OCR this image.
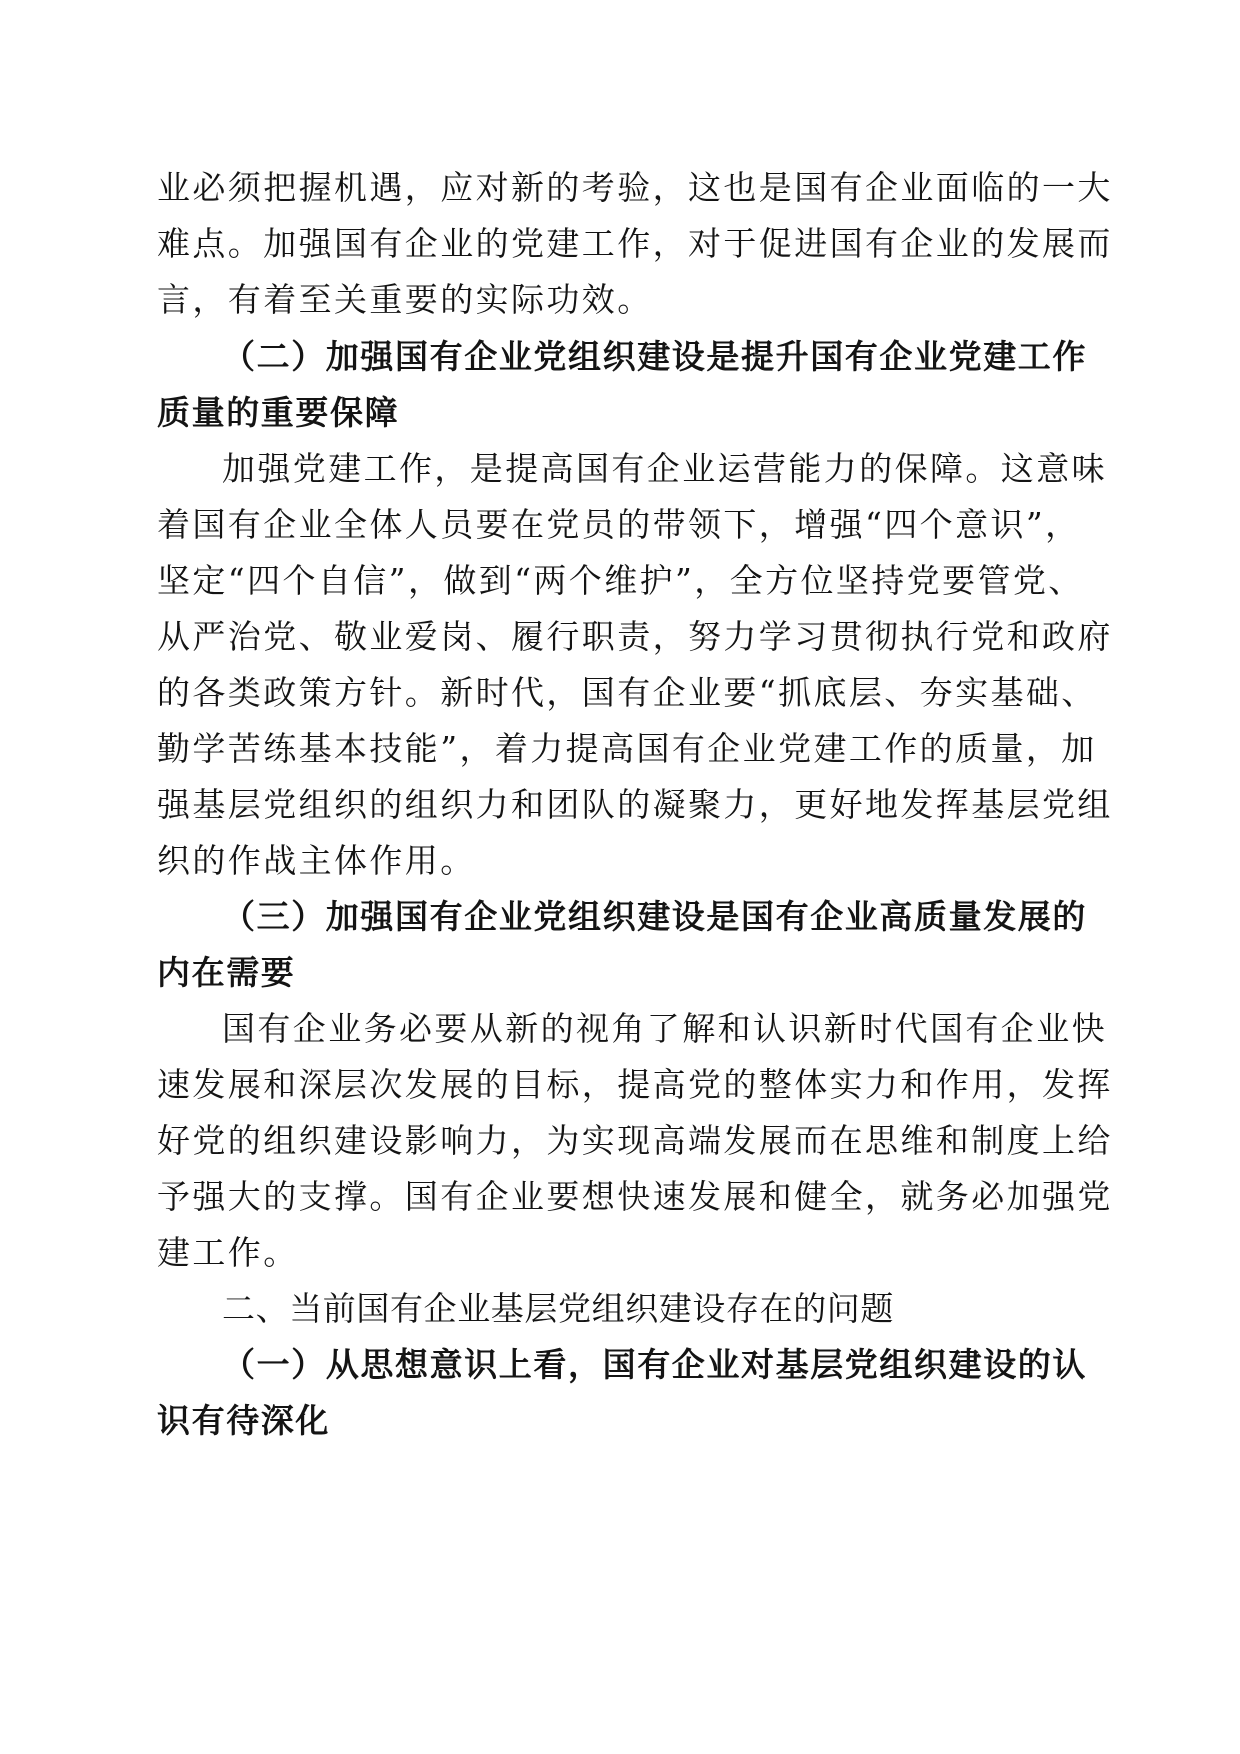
业必须把握机遇，应对新的考验，这也是国有企业面临的一大
难点。加强国有企业的党建工作，对于促进国有企业的发展而
言，有着至关重要的实际功效。
（二）加强国有企业党组织建设是提升国有企业党建工作
质量的重要保障
加强党建工作，是提高国有企业运营能力的保障。这意味
着国有企业全体人员要在党员的带领下，增强“四个意识”，
坚定“四个自信”，做到“两个维护”，全方位坚持党要管党、
从严治党、敬业爱岗、履行职责，努力学习贯彻执行党和政府
的各类政策方针。新时代，国有企业要“抓底层、夯实基础、
勤学苦练基本技能”，着力提高国有企业党建工作的质量，加
强基层党组织的组织力和团队的凝聚力，更好地发挥基层党组
织的作战主体作用。
（三）加强国有企业党组织建设是国有企业高质量发展的
内在需要
国有企业务必要从新的视角了解和认识新时代国有企业快
速发展和深层次发展的目标，提高党的整体实力和作用，发挥
好党的组织建设影响力，为实现高端发展而在思维和制度上给
予强大的支撑。国有企业要想快速发展和健全，就务必加强党
建工作。
二、当前国有企业基层党组织建设存在的问题
（一）从思想意识上看，国有企业对基层党组织建设的认
识有待深化
